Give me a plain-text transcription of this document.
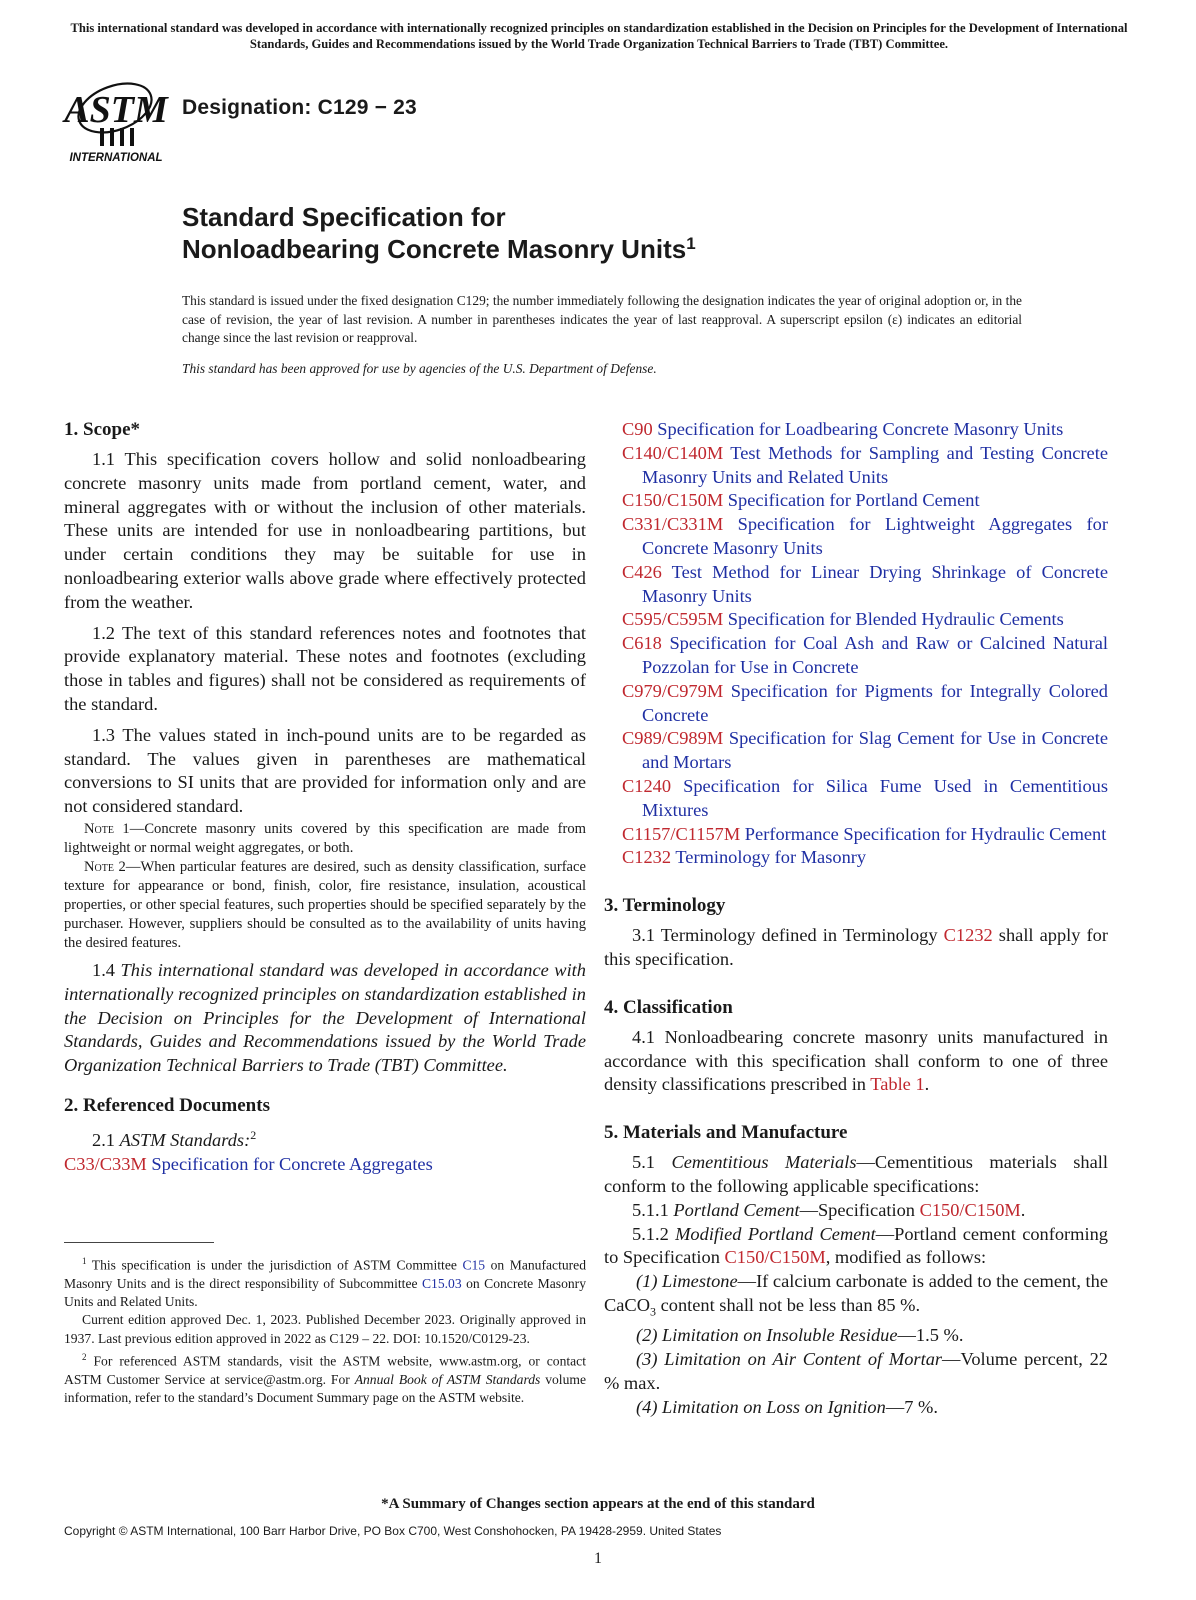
This international standard was developed in accordance with internationally recognized principles on standardization established in the Decision on Principles for the Development of International Standards, Guides and Recommendations issued by the World Trade Organization Technical Barriers to Trade (TBT) Committee.
ASTM
INTERNATIONAL
Designation: C129 − 23
Standard Specification for
Nonloadbearing Concrete Masonry Units$^1$
This standard is issued under the fixed designation C129; the number immediately following the designation indicates the year of original adoption or, in the case of revision, the year of last revision. A number in parentheses indicates the year of last reapproval. A superscript epsilon (ε) indicates an editorial change since the last revision or reapproval.
This standard has been approved for use by agencies of the U.S. Department of Defense.
1. Scope*

1.1 This specification covers hollow and solid nonloadbearing concrete masonry units made from portland cement, water, and mineral aggregates with or without the inclusion of other materials. These units are intended for use in nonloadbearing partitions, but under certain conditions they may be suitable for use in nonloadbearing exterior walls above grade where effectively protected from the weather.

1.2 The text of this standard references notes and footnotes that provide explanatory material. These notes and footnotes (excluding those in tables and figures) shall not be considered as requirements of the standard.

1.3 The values stated in inch-pound units are to be regarded as standard. The values given in parentheses are mathematical conversions to SI units that are provided for information only and are not considered standard.

Note 1—Concrete masonry units covered by this specification are made from lightweight or normal weight aggregates, or both.

Note 2—When particular features are desired, such as density classification, surface texture for appearance or bond, finish, color, fire resistance, insulation, acoustical properties, or other special features, such properties should be specified separately by the purchaser. However, suppliers should be consulted as to the availability of units having the desired features.

1.4 This international standard was developed in accordance with internationally recognized principles on standardization established in the Decision on Principles for the Development of International Standards, Guides and Recommendations issued by the World Trade Organization Technical Barriers to Trade (TBT) Committee.

2. Referenced Documents

2.1 ASTM Standards:$^2$

C33/C33M Specification for Concrete Aggregates

$^1$ This specification is under the jurisdiction of ASTM Committee C15 on Manufactured Masonry Units and is the direct responsibility of Subcommittee C15.03 on Concrete Masonry Units and Related Units.

Current edition approved Dec. 1, 2023. Published December 2023. Originally approved in 1937. Last previous edition approved in 2022 as C129 – 22. DOI: 10.1520/C0129-23.

$^2$ For referenced ASTM standards, visit the ASTM website, www.astm.org, or contact ASTM Customer Service at service@astm.org. For Annual Book of ASTM Standards volume information, refer to the standard’s Document Summary page on the ASTM website.

C90 Specification for Loadbearing Concrete Masonry Units

C140/C140M Test Methods for Sampling and Testing Concrete Masonry Units and Related Units

C150/C150M Specification for Portland Cement

C331/C331M Specification for Lightweight Aggregates for Concrete Masonry Units

C426 Test Method for Linear Drying Shrinkage of Concrete Masonry Units

C595/C595M Specification for Blended Hydraulic Cements

C618 Specification for Coal Ash and Raw or Calcined Natural Pozzolan for Use in Concrete

C979/C979M Specification for Pigments for Integrally Colored Concrete

C989/C989M Specification for Slag Cement for Use in Concrete and Mortars

C1240 Specification for Silica Fume Used in Cementitious Mixtures

C1157/C1157M Performance Specification for Hydraulic Cement

C1232 Terminology for Masonry

3. Terminology

3.1 Terminology defined in Terminology C1232 shall apply for this specification.

4. Classification

4.1 Nonloadbearing concrete masonry units manufactured in accordance with this specification shall conform to one of three density classifications prescribed in Table 1.

5. Materials and Manufacture

5.1 Cementitious Materials—Cementitious materials shall conform to the following applicable specifications:

5.1.1 Portland Cement—Specification C150/C150M.

5.1.2 Modified Portland Cement—Portland cement conforming to Specification C150/C150M, modified as follows:

(1) Limestone—If calcium carbonate is added to the cement, the CaCO$_3$ content shall not be less than 85 %.

(2) Limitation on Insoluble Residue—1.5 %.

(3) Limitation on Air Content of Mortar—Volume percent, 22 % max.

(4) Limitation on Loss on Ignition—7 %.

*A Summary of Changes section appears at the end of this standard
Copyright © ASTM International, 100 Barr Harbor Drive, PO Box C700, West Conshohocken, PA 19428-2959. United States
1
